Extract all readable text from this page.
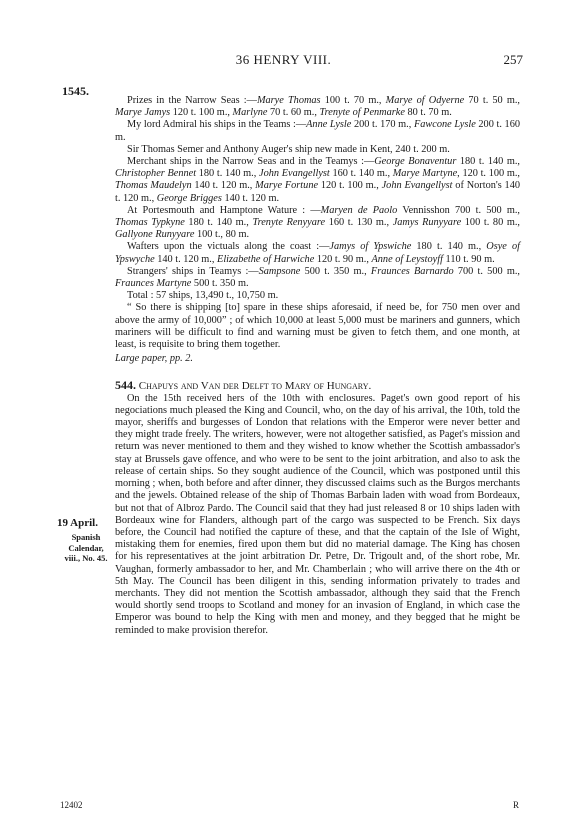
36 HENRY VIII.	257
1545.

Prizes in the Narrow Seas :—Marye Thomas 100 t. 70 m., Marye of Odyerne 70 t. 50 m., Marye Jamys 120 t. 100 m., Marlyne 70 t. 60 m., Trenyte of Penmarke 80 t. 70 m.

My lord Admiral his ships in the Teams :—Anne Lysle 200 t. 170 m., Fawcone Lysle 200 t. 160 m.

Sir Thomas Semer and Anthony Auger's ship new made in Kent, 240 t. 200 m.

Merchant ships in the Narrow Seas and in the Teamys :—George Bonaventur 180 t. 140 m., Christopher Bennet 180 t. 140 m., John Evangellyst 160 t. 140 m., Marye Martyne, 120 t. 100 m., Thomas Maudelyn 140 t. 120 m., Marye Fortune 120 t. 100 m., John Evangellyst of Norton's 140 t. 120 m., George Brigges 140 t. 120 m.

At Portesmouth and Hamptone Wature : —Maryen de Paolo Vennisshon 700 t. 500 m., Thomas Typkyne 180 t. 140 m., Trenyte Renyyare 160 t. 130 m., Jamys Runyyare 100 t. 80 m., Gallyone Runyyare 100 t., 80 m.

Wafters upon the victuals along the coast :—Jamys of Ypswiche 180 t. 140 m., Osye of Ypswyche 140 t. 120 m., Elizabethe of Harwiche 120 t. 90 m., Anne of Leystoyff 110 t. 90 m.

Strangers' ships in Teamys :—Sampsone 500 t. 350 m., Fraunces Barnardo 700 t. 500 m., Fraunces Martyne 500 t. 350 m.

Total : 57 ships, 13,490 t., 10,750 m.

“ So there is shipping [to] spare in these ships aforesaid, if need be, for 750 men over and above the army of 10,000” ; of which 10,000 at least 5,000 must be mariners and gunners, which mariners will be difficult to find and warning must be given to fetch them, and one month, at least, is requisite to bring them together.

Large paper, pp. 2.

544. Chapuys and Van der Delft to Mary of Hungary.

On the 15th received hers of the 10th with enclosures. Paget's own good report of his negociations much pleased the King and Council, who, on the day of his arrival, the 10th, told the mayor, sheriffs and burgesses of London that relations with the Emperor were never better and they might trade freely. The writers, however, were not altogether satisfied, as Paget's mission and return was never mentioned to them and they wished to know whether the Scottish ambassador's stay at Brussels gave offence, and who were to be sent to the joint arbitration, and also to ask the release of certain ships. So they sought audience of the Council, which was postponed until this morning ; when, both before and after dinner, they discussed claims such as the Burgos merchants and the jewels. Obtained release of the ship of Thomas Barbain laden with woad from Bordeaux, but not that of Albroz Pardo. The Council said that they had just released 8 or 10 ships laden with Bordeaux wine for Flanders, although part of the cargo was suspected to be French. Six days before, the Council had notified the capture of these, and that the captain of the Isle of Wight, mistaking them for enemies, fired upon them but did no material damage. The King has chosen for his representatives at the joint arbitration Dr. Petre, Dr. Trigoult and, of the short robe, Mr. Vaughan, formerly ambassador to her, and Mr. Chamberlain ; who will arrive there on the 4th or 5th May. The Council has been diligent in this, sending information privately to trades and merchants. They did not mention the Scottish ambassador, although they said that the French would shortly send troops to Scotland and money for an invasion of England, in which case the Emperor was bound to help the King with men and money, and they begged that he might be reminded to make provision therefor.

19 April.
Spanish
Calendar,
viii., No. 45.
12402	R
